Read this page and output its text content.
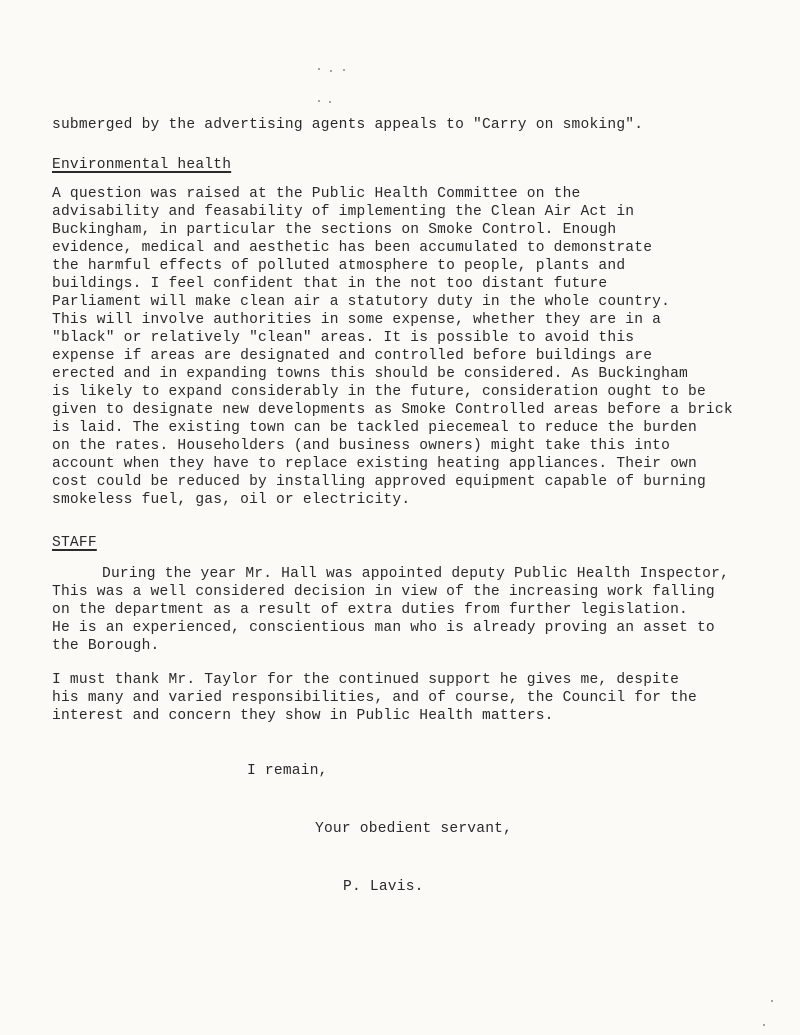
submerged by the advertising agents appeals to "Carry on smoking".
Environmental health
A question was raised at the Public Health Committee on the
advisability and feasability of implementing the Clean Air Act in
Buckingham, in particular the sections on Smoke Control. Enough
evidence, medical and aesthetic has been accumulated to demonstrate
the harmful effects of polluted atmosphere to people, plants and
buildings. I feel confident that in the not too distant future
Parliament will make clean air a statutory duty in the whole country.
This will involve authorities in some expense, whether they are in a
"black" or relatively "clean" areas. It is possible to avoid this
expense if areas are designated and controlled before buildings are
erected and in expanding towns this should be considered. As Buckingham
is likely to expand considerably in the future, consideration ought to be
given to designate new developments as Smoke Controlled areas before a brick
is laid. The existing town can be tackled piecemeal to reduce the burden
on the rates. Householders (and business owners) might take this into
account when they have to replace existing heating appliances. Their own
cost could be reduced by installing approved equipment capable of burning
smokeless fuel, gas, oil or electricity.
STAFF
During the year Mr. Hall was appointed deputy Public Health Inspector,
This was a well considered decision in view of the increasing work falling
on the department as a result of extra duties from further legislation.
He is an experienced, conscientious man who is already proving an asset to
the Borough.
I must thank Mr. Taylor for the continued support he gives me, despite
his many and varied responsibilities, and of course, the Council for the
interest and concern they show in Public Health matters.
I remain,
Your obedient servant,
P. Lavis.
